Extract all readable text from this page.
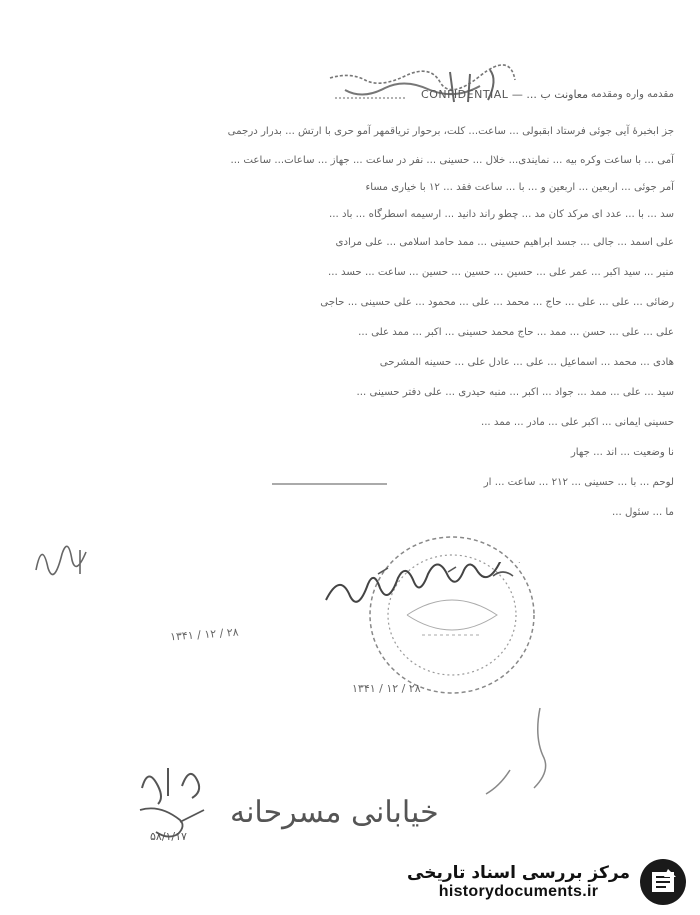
معاونت ب ... — CONFIDENTIAL مقدمه واره ومقدمه
جز ابخبرۀ آیی جوئی فرستاد ابقبولی ... ساعت... کلت، برحوار تریاقمهر آمو حری با ارتش ... بدرار درجمی
آمی ... با ساعت وکره بیه ... نمایندی... خلال ... حسینی ... نفر در ساعت ... جهاز ... ساعات... ساعت ...
آمر جوئی ... اربعین ... اربعین و ... با ... ساعت فقد ... ۱۲ با خیاری مساء
سد ... با ... عدد ای مرکد کان مد ... چطو راند دانید ... ارسیمه اسطرگاه ... باد ...
علی اسمد ... جالی ... جسد ابراهیم حسینی ... ممد حامد اسلامی ... علی مرادی
منیر ... سید اکبر ... عمر علی ... حسین ... حسین ... حسین ... ساعت ... حسد ...
رضائی ... علی ... علی ... حاج ... محمد ... علی ... محمود ... علی حسینی ... حاجی
علی ... علی ... حسن ... ممد ... حاج محمد حسینی ... اکبر ... ممد علی ...
هادی ... محمد ... اسماعیل ... علی ... عادل علی ... حسینه المشرحی
سید ... علی ... ممد ... جواد ... اکبر ... منبه حیدری ... علی دفتر حسینی ...
حسینی ایمانی ... اکبر علی ... مادر ... ممد ...
نا وضعیت ... اند ... جهار
لوحم ... با ... حسینی ... ۲۱۲ ... ساعت ... ار
ما ... سئول ...
۱۳۴۱ / ۱۲ / ۲۸
۱۳۴۱ / ۱۲ / ۲۸
۵۸/۱/۱۷
خیابانی مسرحانه
مرکز بررسی اسناد تاریخی
historydocuments.ir
